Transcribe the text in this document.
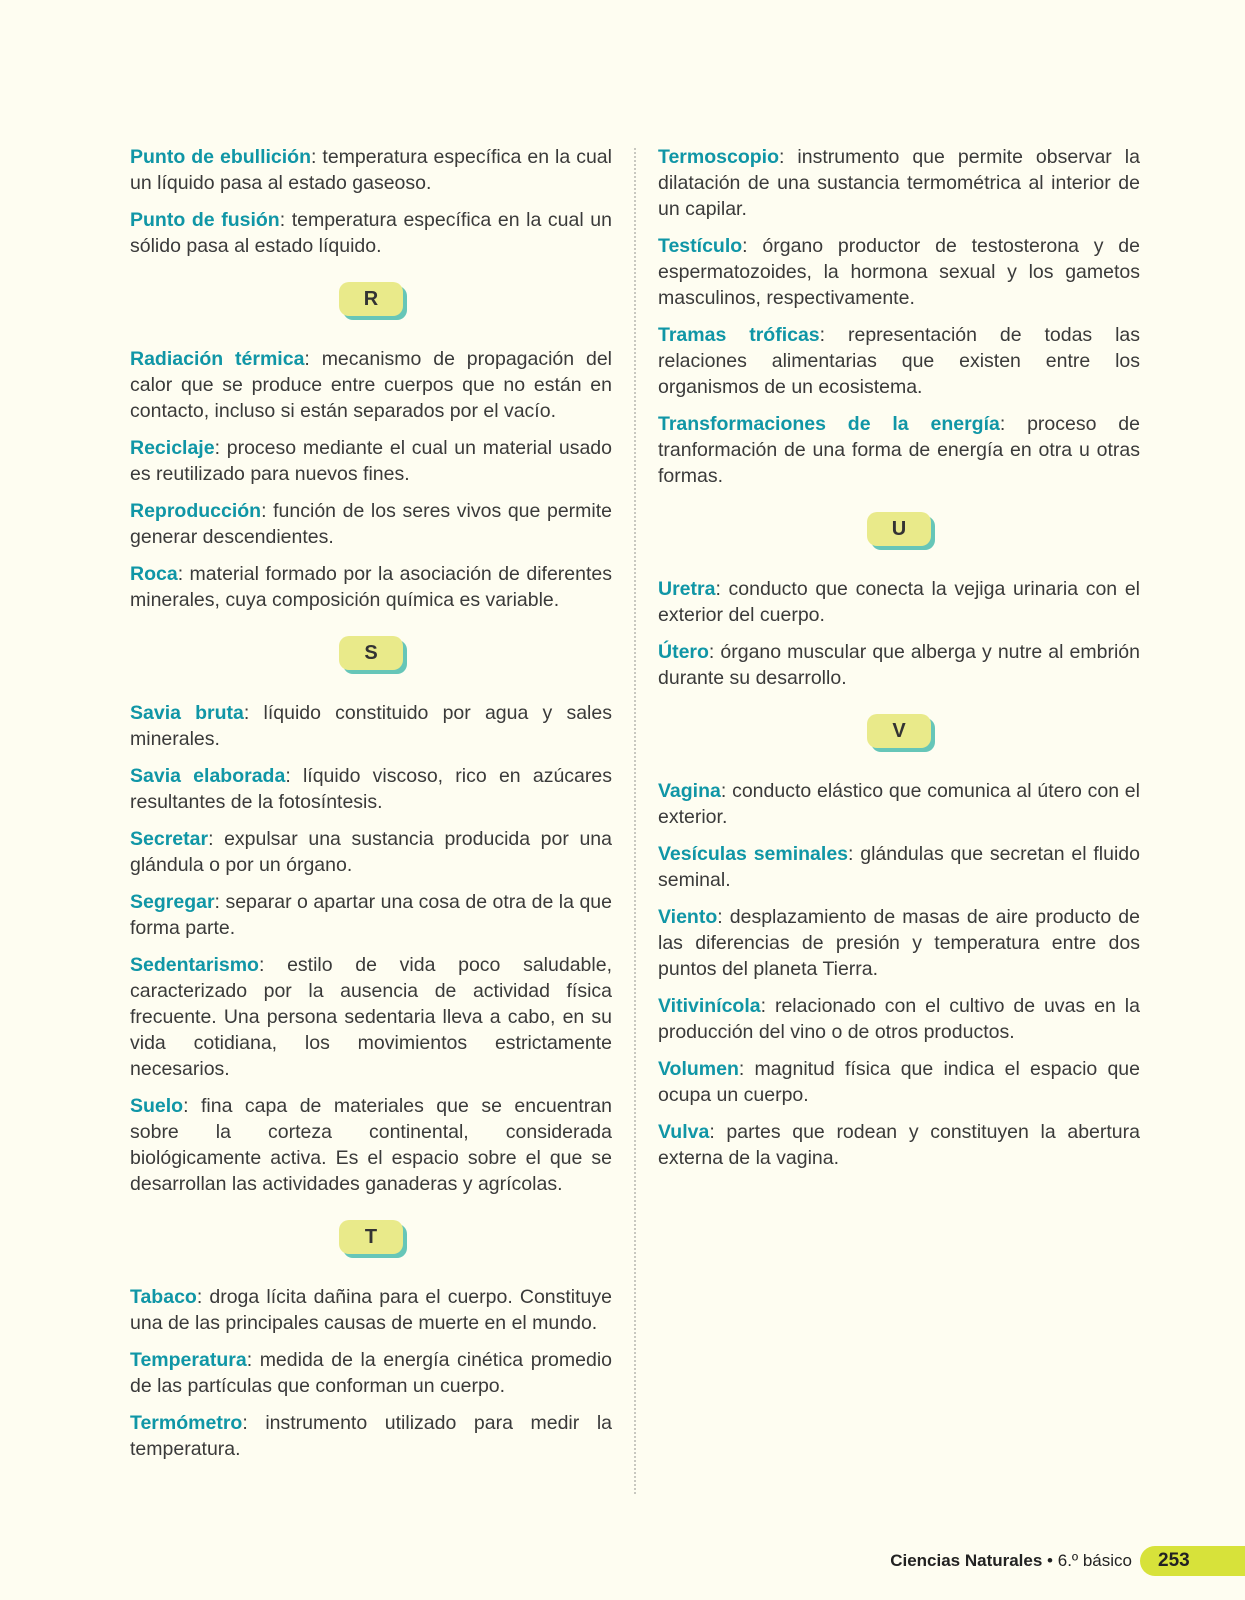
Punto de ebullición: temperatura específica en la cual un líquido pasa al estado gaseoso.

Punto de fusión: temperatura específica en la cual un sólido pasa al estado líquido.

R

Radiación térmica: mecanismo de propagación del calor que se produce entre cuerpos que no están en contacto, incluso si están separados por el vacío.

Reciclaje: proceso mediante el cual un material usado es reutilizado para nuevos fines.

Reproducción: función de los seres vivos que permite generar descendientes.

Roca: material formado por la asociación de diferentes minerales, cuya composición química es variable.

S

Savia bruta: líquido constituido por agua y sales minerales.

Savia elaborada: líquido viscoso, rico en azúcares resultantes de la fotosíntesis.

Secretar: expulsar una sustancia producida por una glándula o por un órgano.

Segregar: separar o apartar una cosa de otra de la que forma parte.

Sedentarismo: estilo de vida poco saludable, caracterizado por la ausencia de actividad física frecuente. Una persona sedentaria lleva a cabo, en su vida cotidiana, los movimientos estrictamente necesarios.

Suelo: fina capa de materiales que se encuentran sobre la corteza continental, considerada biológicamente activa. Es el espacio sobre el que se desarrollan las actividades ganaderas y agrícolas.

T

Tabaco: droga lícita dañina para el cuerpo. Constituye una de las principales causas de muerte en el mundo.

Temperatura: medida de la energía cinética promedio de las partículas que conforman un cuerpo.

Termómetro: instrumento utilizado para medir la temperatura.

Termoscopio: instrumento que permite observar la dilatación de una sustancia termométrica al interior de un capilar.

Testículo: órgano productor de testosterona y de espermatozoides, la hormona sexual y los gametos masculinos, respectivamente.

Tramas tróficas: representación de todas las relaciones alimentarias que existen entre los organismos de un ecosistema.

Transformaciones de la energía: proceso de tranformación de una forma de energía en otra u otras formas.

U

Uretra: conducto que conecta la vejiga urinaria con el exterior del cuerpo.

Útero: órgano muscular que alberga y nutre al embrión durante su desarrollo.

V

Vagina: conducto elástico que comunica al útero con el exterior.

Vesículas seminales: glándulas que secretan el fluido seminal.

Viento: desplazamiento de masas de aire producto de las diferencias de presión y temperatura entre dos puntos del planeta Tierra.

Vitivinícola: relacionado con el cultivo de uvas en la producción del vino o de otros productos.

Volumen: magnitud física que indica el espacio que ocupa un cuerpo.

Vulva: partes que rodean y constituyen la abertura externa de la vagina.

Ciencias Naturales • 6.º básico	253
